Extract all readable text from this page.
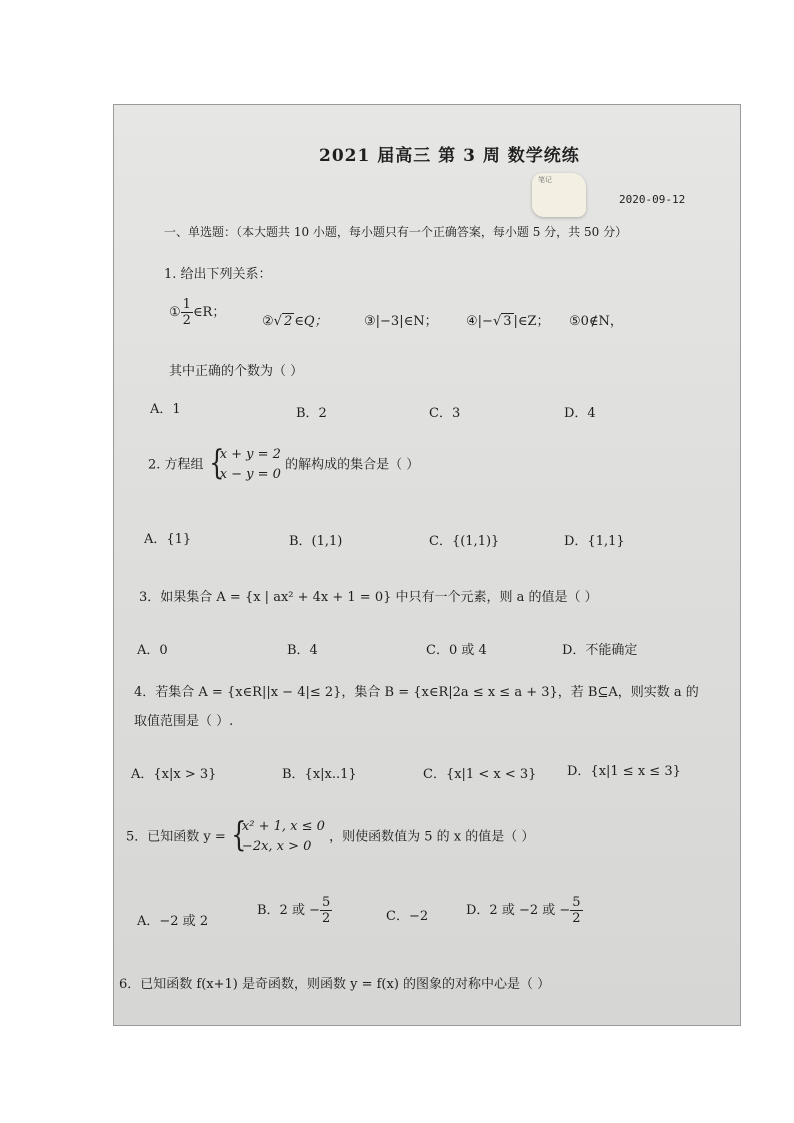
2021 届高三 第 3 周 数学统练
笔记
2020-09-12
一、单选题：（本大题共 10 小题，每小题只有一个正确答案，每小题 5 分，共 50 分）
1. 给出下列关系：
① $\frac{1}{2}$ ∈R；
②√ 2 ∈Q；	③|−3|∈N； ④|−√ 3 |∈Z； ⑤0∉N，
其中正确的个数为（ ）
A．1	B．2	C．3	D．4
2. 方程组 {
x + y = 2
x − y = 0
的解构成的集合是（ ）
A．{1}	B．(1,1)	C．{(1,1)}	D．{1,1}
3．如果集合 A = {x | ax² + 4x + 1 = 0} 中只有一个元素，则 a 的值是（ ）
A．0	B．4	C．0 或 4	D．不能确定
4．若集合 A = {x∈R||x − 4|≤ 2}，集合 B = {x∈R|2a ≤ x ≤ a + 3}，若 B⊆A，则实数 a 的
取值范围是（ ）.
A．{x|x > 3}	B．{x|x..1}	C．{x|1 < x < 3} D．{x|1 ≤ x ≤ 3}
5．已知函数 y = {
x² + 1, x ≤ 0
−2x, x > 0
，则使函数值为 5 的 x 的值是（ ）
A．−2 或 2
B．2 或 − $\frac{5}{2}$	C．−2	D．2 或 −2 或 − $\frac{5}{2}$
6．已知函数 f(x+1) 是奇函数，则函数 y = f(x) 的图象的对称中心是（ ）
